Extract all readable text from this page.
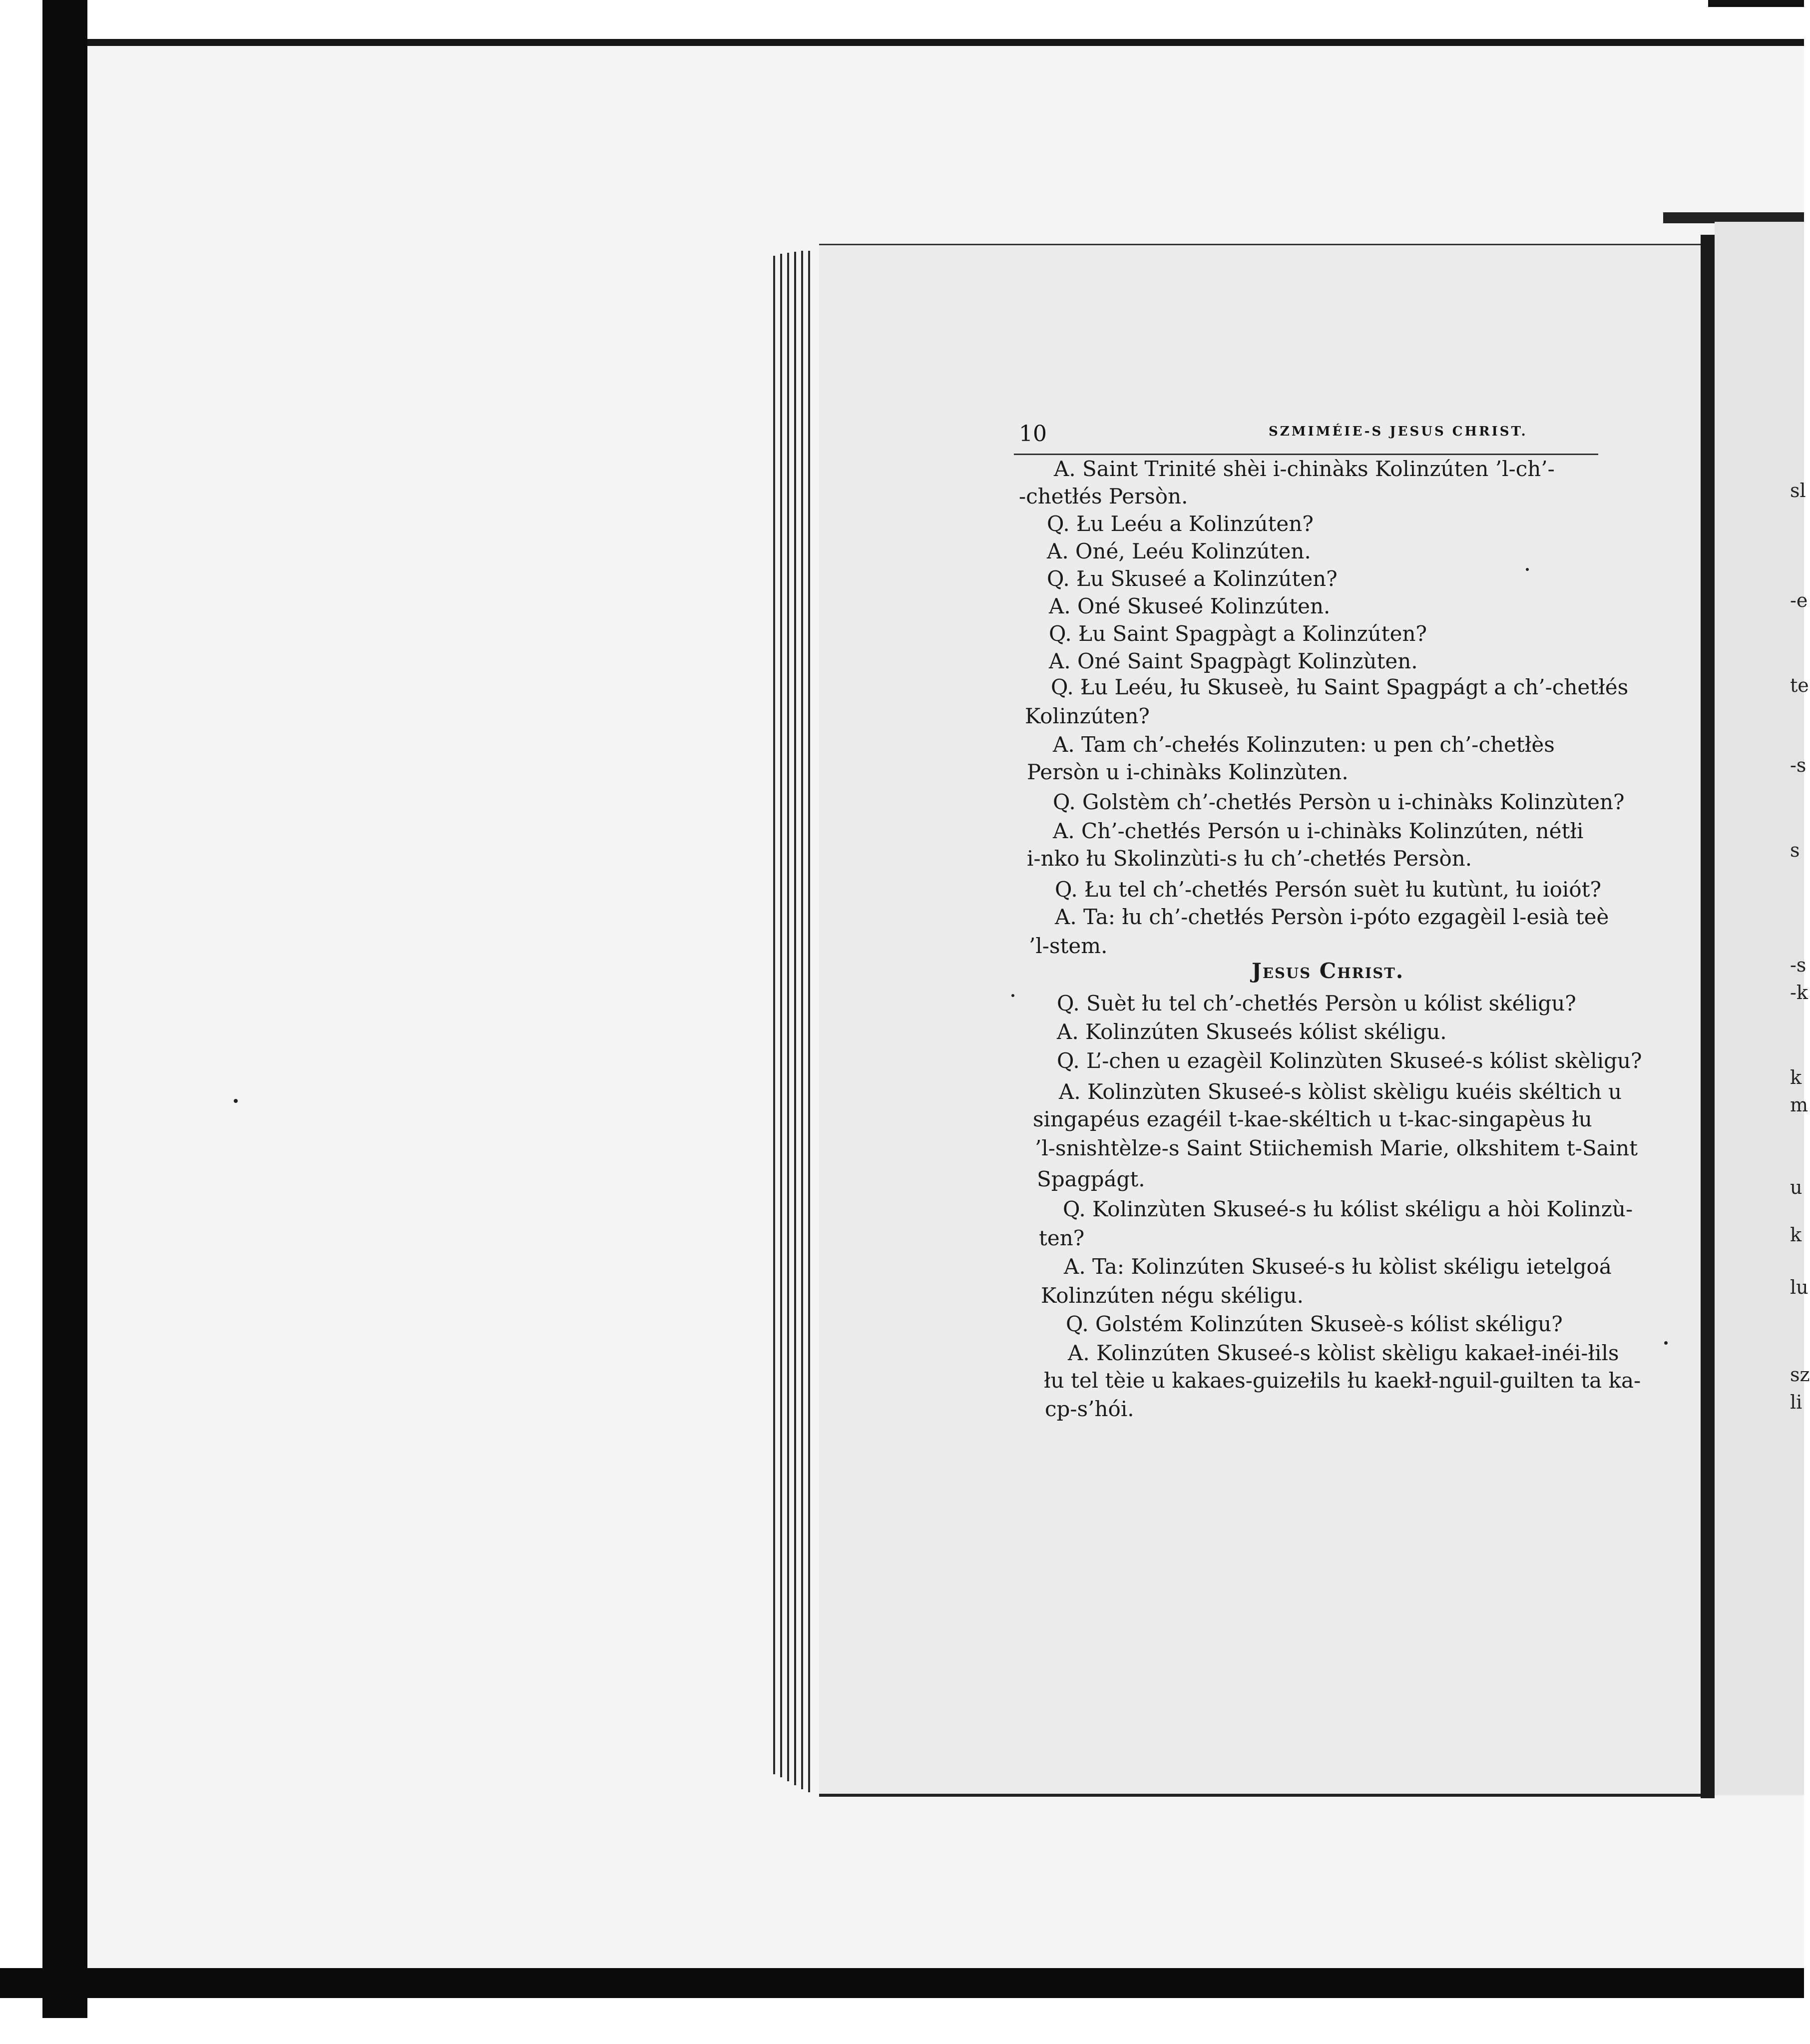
10	SZMIMÉIE-S JESUS CHRIST.
A. Saint Trinité shèi i-chinàks Kolinzúten ’l-ch’-
-chetłés Persòn.
Q. Łu Leéu a Kolinzúten?
A. Oné, Leéu Kolinzúten.
Q. Łu Skuseé a Kolinzúten?
A. Oné Skuseé Kolinzúten.
Q. Łu Saint Spagpàgt a Kolinzúten?
A. Oné Saint Spagpàgt Kolinzùten.
Q. Łu Leéu, łu Skuseè, łu Saint Spagpágt a ch’-chetłés
Kolinzúten?
A. Tam ch’-chełés Kolinzuten: u pen ch’-chetłès
Persòn u i-chinàks Kolinzùten.
Q. Golstèm ch’-chetłés Persòn u i-chinàks Kolinzùten?
A. Ch’-chetłés Persón u i-chinàks Kolinzúten, nétłi
i-nko łu Skolinzùti-s łu ch’-chetłés Persòn.
Q. Łu tel ch’-chetłés Persón suèt łu kutùnt, łu ioiót?
A. Ta: łu ch’-chetłés Persòn i-póto ezgagèil l-esià teè
’l-stem.
Jesus Christ.
Q. Suèt łu tel ch’-chetłés Persòn u kólist skéligu?
A. Kolinzúten Skuseés kólist skéligu.
Q. L’-chen u ezagèil Kolinzùten Skuseé-s kólist skèligu?
A. Kolinzùten Skuseé-s kòlist skèligu kuéis skéltich u
singapéus ezagéil t-kae-skéltich u t-kac-singapèus łu
’l-snishtèlze-s Saint Stiichemish Marie, olkshitem t-Saint
Spagpágt.
Q. Kolinzùten Skuseé-s łu kólist skéligu a hòi Kolinzù-
ten?
A. Ta: Kolinzúten Skuseé-s łu kòlist skéligu ietelgoá
Kolinzúten négu skéligu.
Q. Golstém Kolinzúten Skuseè-s kólist skéligu?
A. Kolinzúten Skuseé-s kòlist skèligu kakaeł-inéi-łils
łu tel tèie u kakaes-guizełils łu kaekł-nguil-guilten ta ka-
cp-s’hói.
sl
-e
te
-s
s
-s
-k
k
m
u
k
lu
sz
li
